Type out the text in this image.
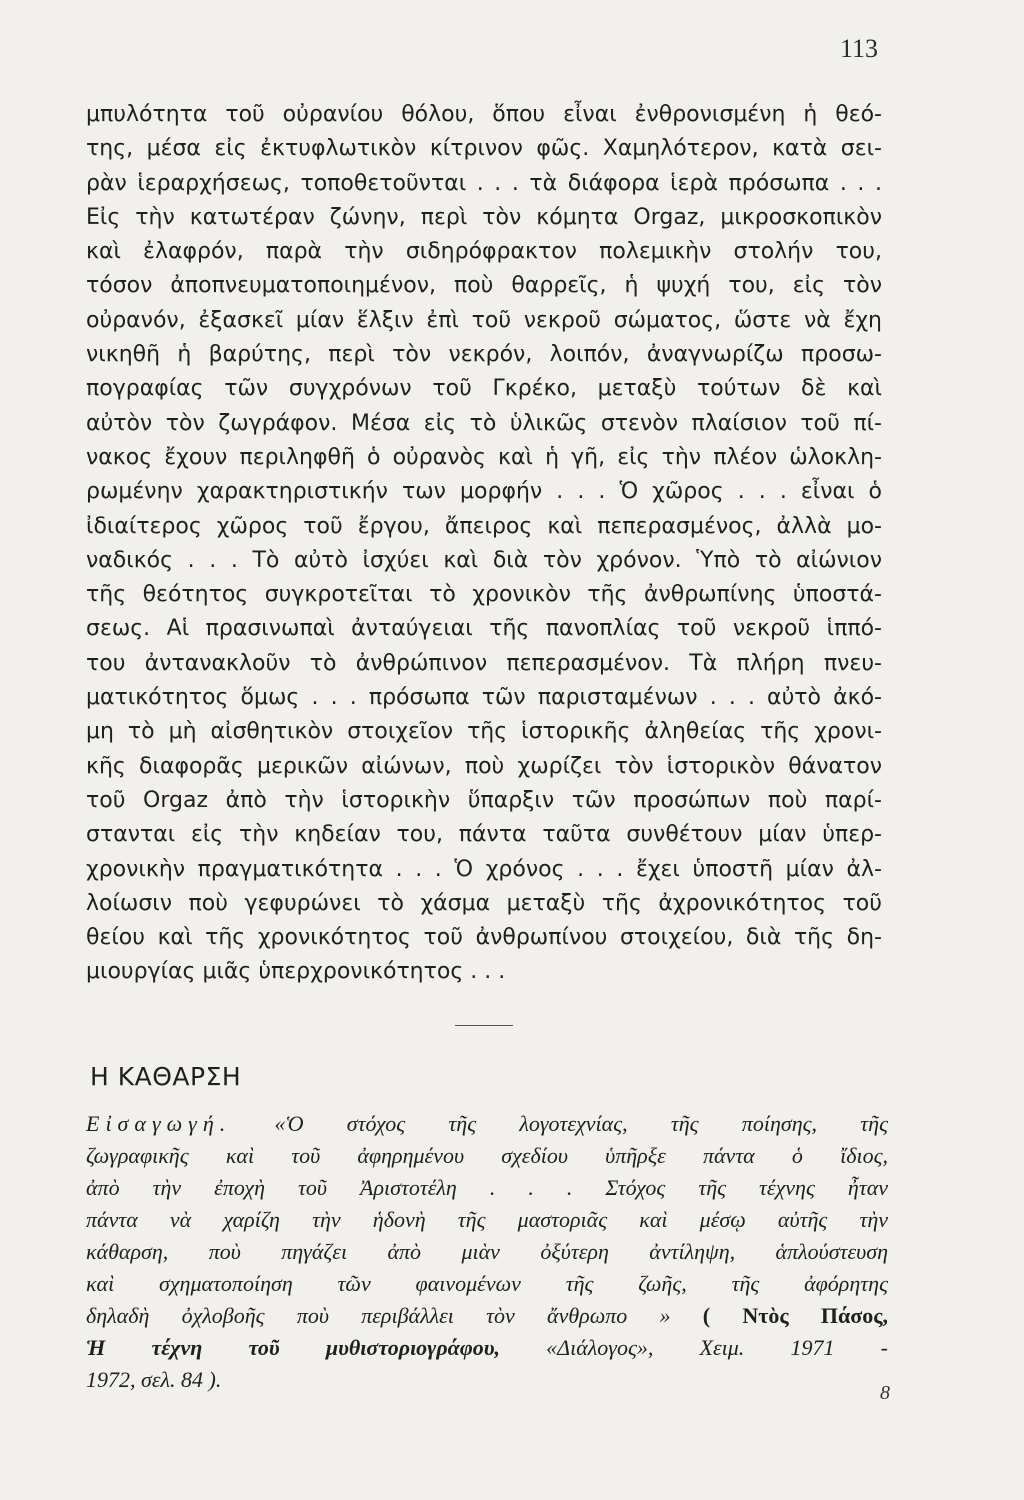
113
μπυλότητα τοῦ οὐρανίου θόλου, ὅπου εἶναι ἐνθρονισμένη ἡ θεό-
της, μέσα εἰς ἐκτυφλωτικὸν κίτρινον φῶς. Χαμηλότερον, κατὰ σει-
ρὰν ἱεραρχήσεως, τοποθετοῦνται . . . τὰ διάφορα ἱερὰ πρόσωπα . . .
Εἰς τὴν κατωτέραν ζώνην, περὶ τὸν κόμητα Orgaz, μικροσκοπικὸν
καὶ ἐλαφρόν, παρὰ τὴν σιδηρόφρακτον πολεμικὴν στολήν του,
τόσον ἀποπνευματοποιημένον, ποὺ θαρρεῖς, ἡ ψυχή του, εἰς τὸν
οὐρανόν, ἐξασκεῖ μίαν ἕλξιν ἐπὶ τοῦ νεκροῦ σώματος, ὥστε νὰ ἔχη
νικηθῆ ἡ βαρύτης, περὶ τὸν νεκρόν, λοιπόν, ἀναγνωρίζω προσω-
πογραφίας τῶν συγχρόνων τοῦ Γκρέκο, μεταξὺ τούτων δὲ καὶ
αὐτὸν τὸν ζωγράφον. Μέσα εἰς τὸ ὑλικῶς στενὸν πλαίσιον τοῦ πί-
νακος ἔχουν περιληφθῆ ὁ οὐρανὸς καὶ ἡ γῆ, εἰς τὴν πλέον ὡλοκλη-
ρωμένην χαρακτηριστικήν των μορφήν . . . Ὁ χῶρος . . . εἶναι ὁ
ἰδιαίτερος χῶρος τοῦ ἔργου, ἄπειρος καὶ πεπερασμένος, ἀλλὰ μο-
ναδικός . . . Τὸ αὐτὸ ἰσχύει καὶ διὰ τὸν χρόνον. Ὑπὸ τὸ αἰώνιον
τῆς θεότητος συγκροτεῖται τὸ χρονικὸν τῆς ἀνθρωπίνης ὑποστά-
σεως. Αἱ πρασινωπαὶ ἀνταύγειαι τῆς πανοπλίας τοῦ νεκροῦ ἱππό-
του ἀντανακλοῦν τὸ ἀνθρώπινον πεπερασμένον. Τὰ πλήρη πνευ-
ματικότητος ὅμως . . . πρόσωπα τῶν παρισταμένων . . . αὐτὸ ἀκό-
μη τὸ μὴ αἰσθητικὸν στοιχεῖον τῆς ἱστορικῆς ἀληθείας τῆς χρονι-
κῆς διαφορᾶς μερικῶν αἰώνων, ποὺ χωρίζει τὸν ἱστορικὸν θάνατον
τοῦ Orgaz ἀπὸ τὴν ἱστορικὴν ὕπαρξιν τῶν προσώπων ποὺ παρί-
στανται εἰς τὴν κηδείαν του, πάντα ταῦτα συνθέτουν μίαν ὑπερ-
χρονικὴν πραγματικότητα . . . Ὁ χρόνος . . . ἔχει ὑποστῆ μίαν ἀλ-
λοίωσιν ποὺ γεφυρώνει τὸ χάσμα μεταξὺ τῆς ἀχρονικότητος τοῦ
θείου καὶ τῆς χρονικότητος τοῦ ἀνθρωπίνου στοιχείου, διὰ τῆς δη-
μιουργίας μιᾶς ὑπερχρονικότητος . . .
Η ΚΑΘΑΡΣΗ
Εἰσαγωγή. «Ὁ στόχος τῆς λογοτεχνίας, τῆς ποίησης, τῆς
ζωγραφικῆς καὶ τοῦ ἀφηρημένου σχεδίου ὑπῆρξε πάντα ὁ ἴδιος,
ἀπὸ τὴν ἐποχὴ τοῦ Ἀριστοτέλη . . . Στόχος τῆς τέχνης ἦταν
πάντα νὰ χαρίζη τὴν ἡδονὴ τῆς μαστοριᾶς καὶ μέσῳ αὐτῆς τὴν
κάθαρση, ποὺ πηγάζει ἀπὸ μιὰν ὀξύτερη ἀντίληψη, ἁπλούστευση
καὶ σχηματοποίηση τῶν φαινομένων τῆς ζωῆς, τῆς ἀφόρητης
δηλαδὴ ὀχλοβοῆς ποὺ περιβάλλει τὸν ἄνθρωπο » ( Ντὸς Πάσος,
Ἡ τέχνη τοῦ μυθιστοριογράφου, «Διάλογος», Χειμ. 1971 -
1972, σελ. 84 ).
8
